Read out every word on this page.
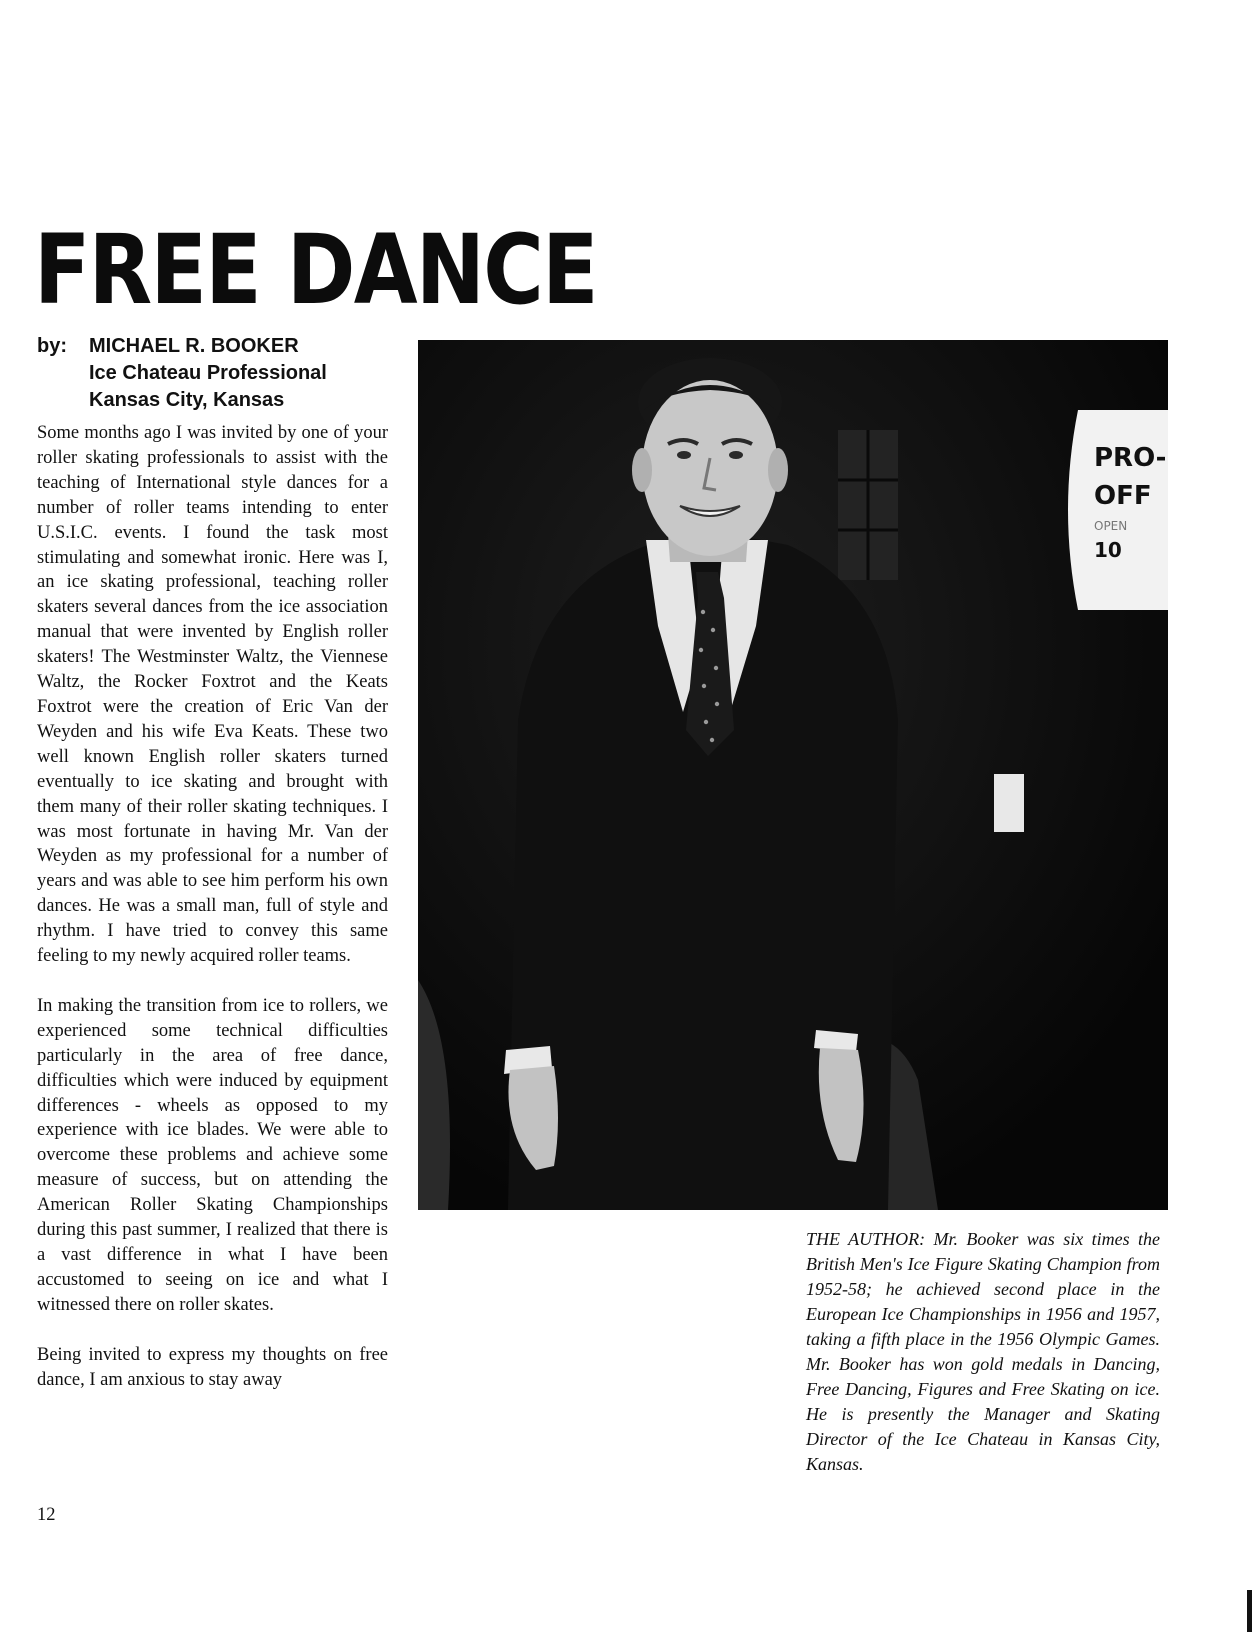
FREE DANCE
by: MICHAEL R. BOOKER
Ice Chateau Professional
Kansas City, Kansas

Some months ago I was invited by one of your roller skating professionals to assist with the teaching of International style dances for a number of roller teams intending to enter U.S.I.C. events. I found the task most stimulating and somewhat ironic. Here was I, an ice skating professional, teaching roller skaters several dances from the ice association manual that were invented by English roller skaters! The Westminster Waltz, the Viennese Waltz, the Rocker Foxtrot and the Keats Foxtrot were the creation of Eric Van der Weyden and his wife Eva Keats. These two well known English roller skaters turned eventually to ice skating and brought with them many of their roller skating techniques. I was most fortunate in having Mr. Van der Weyden as my professional for a number of years and was able to see him perform his own dances. He was a small man, full of style and rhythm. I have tried to convey this same feeling to my newly acquired roller teams.

In making the transition from ice to rollers, we experienced some technical difficulties particularly in the area of free dance, difficulties which were induced by equipment differences - wheels as opposed to my experience with ice blades. We were able to overcome these problems and achieve some measure of success, but on attending the American Roller Skating Championships during this past summer, I realized that there is a vast difference in what I have been accustomed to seeing on ice and what I witnessed there on roller skates.

Being invited to express my thoughts on free dance, I am anxious to stay away

12
PRO-
OFF
OPEN
10
THE AUTHOR: Mr. Booker was six times the British Men's Ice Figure Skating Champion from 1952-58; he achieved second place in the European Ice Championships in 1956 and 1957, taking a fifth place in the 1956 Olympic Games. Mr. Booker has won gold medals in Dancing, Free Dancing, Figures and Free Skating on ice. He is presently the Manager and Skating Director of the Ice Chateau in Kansas City, Kansas.
